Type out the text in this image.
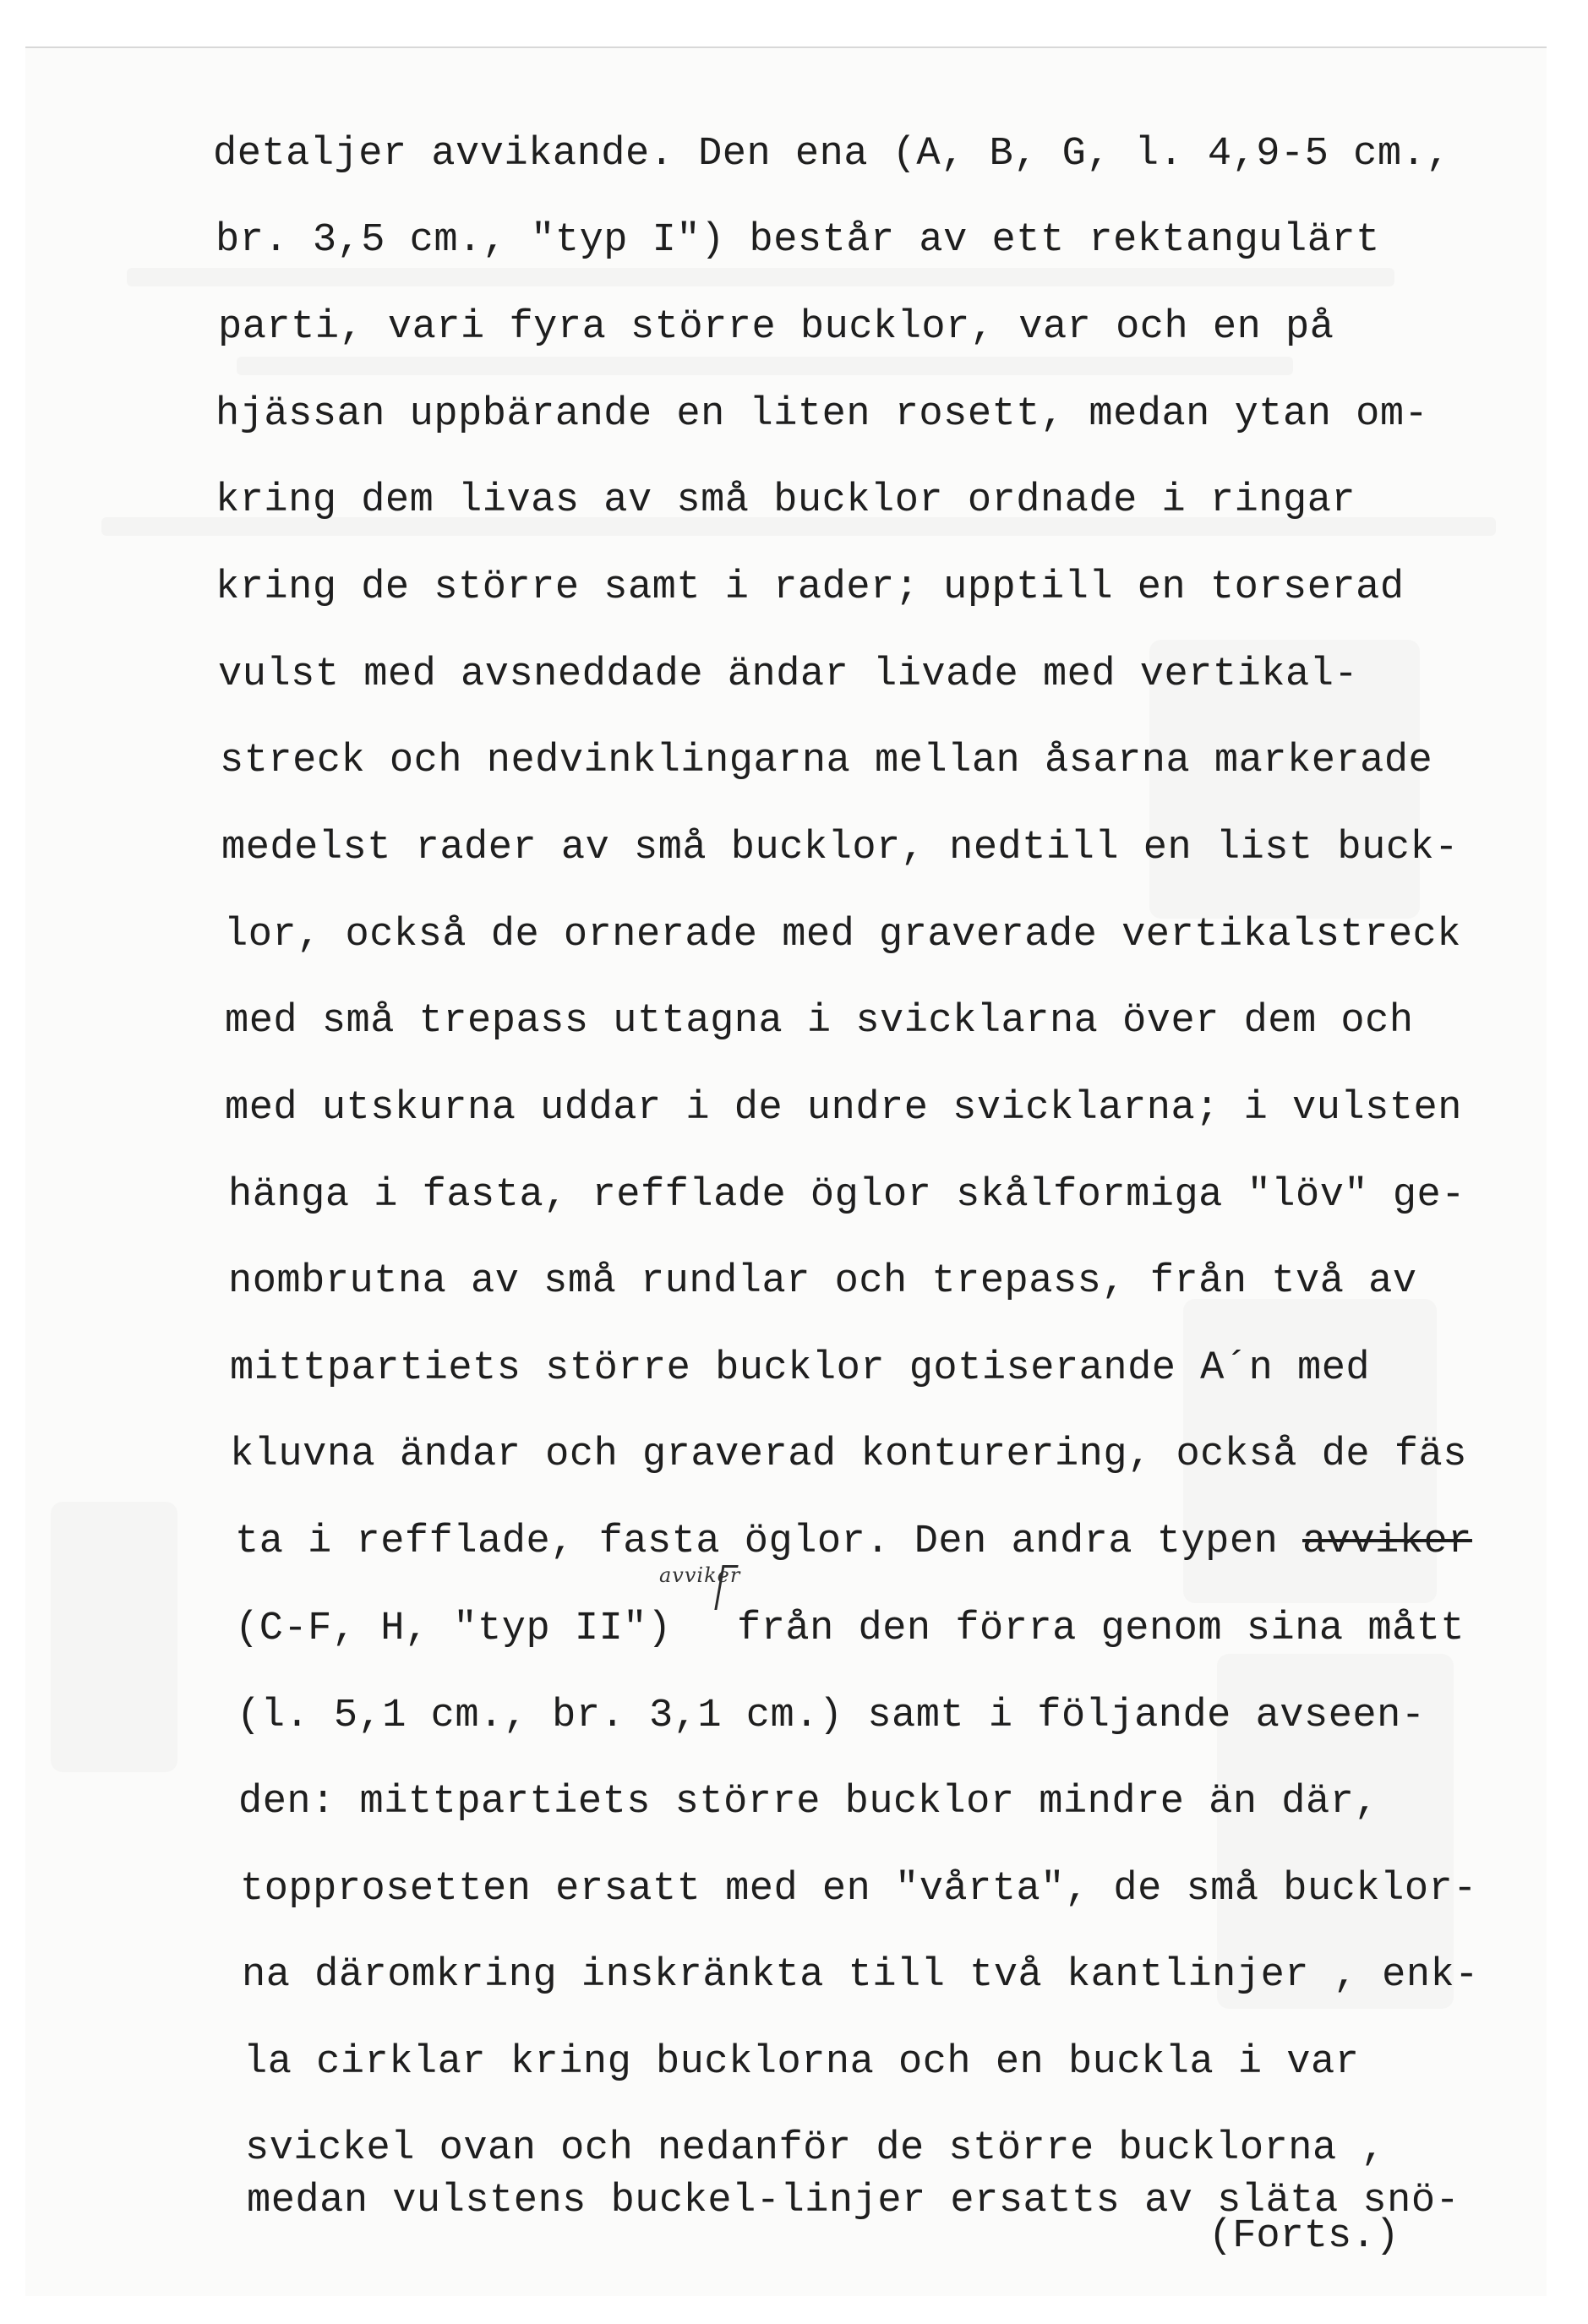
detaljer avvikande. Den ena (A, B, G, l. 4,9-5 cm.,

br. 3,5 cm., "typ I") består av ett rektangulärt

parti, vari fyra större bucklor, var och en på

hjässan uppbärande en liten rosett, medan ytan om-

kring dem livas av små bucklor ordnade i ringar

kring de större samt i rader; upptill en torserad

vulst med avsneddade ändar livade med vertikal-

streck och nedvinklingarna mellan åsarna markerade

medelst rader av små bucklor, nedtill en list buck-

lor, också de ornerade med graverade vertikalstreck

med små trepass uttagna i svicklarna över dem och

med utskurna uddar i de undre svicklarna; i vulsten

hänga i fasta, refflade öglor skålformiga "löv" ge-

nombrutna av små rundlar och trepass, från två av

mittpartiets större bucklor gotiserande A´n med

kluvna ändar och graverad konturering, också de fäs

ta i refflade, fasta öglor. Den andra typen avviker

avviker

(C-F, H, "typ II") från den förra genom sina mått

(l. 5,1 cm., br. 3,1 cm.) samt i följande avseen-

den: mittpartiets större bucklor mindre än där,

topprosetten ersatt med en "vårta", de små bucklor-

na däromkring inskränkta till två kantlinjer , enk-

la cirklar kring bucklorna och en buckla i var

svickel ovan och nedanför de större bucklorna ,

medan vulstens buckel-linjer ersatts av släta snö-

(Forts.)
